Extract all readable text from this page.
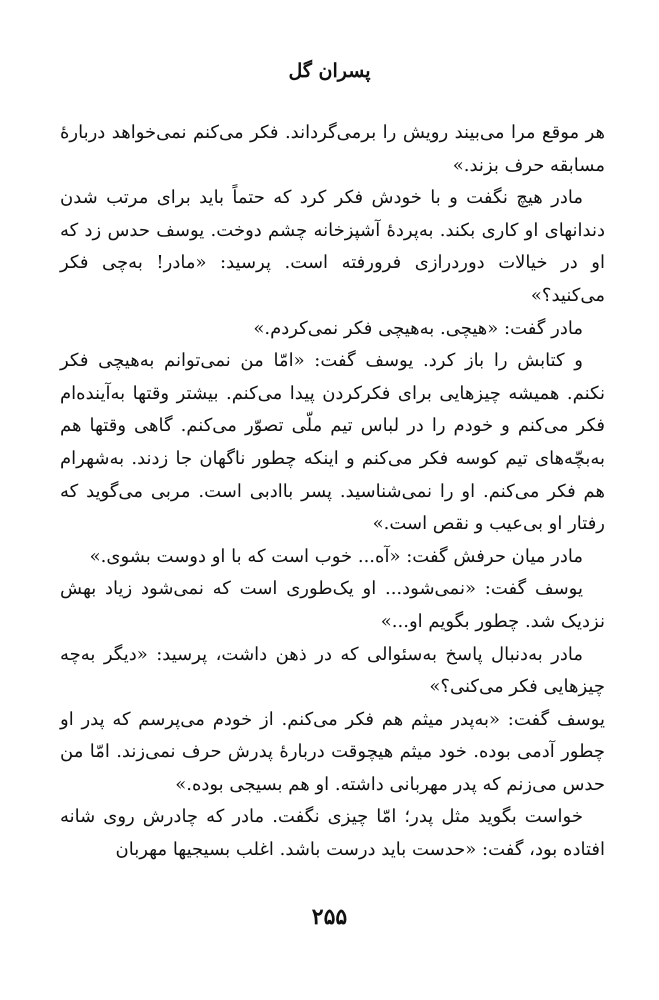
پسران گل

هر موقع مرا می‌بیند رویش را برمی‌گرداند. فکر می‌کنم نمی‌خواهد دربارهٔ مسابقه حرف بزند.»

مادر هیچ نگفت و با خودش فکر کرد که حتماً باید برای مرتب شدن دندانهای او کاری بکند. به‌پردهٔ آشپزخانه چشم دوخت. یوسف حدس زد که او در خیالات دوردرازی فرورفته است. پرسید: «مادر! به‌چی فکر می‌کنید؟»

مادر گفت: «هیچی. به‌هیچی فکر نمی‌کردم.»

و کتابش را باز کرد. یوسف گفت: «امّا من نمی‌توانم به‌هیچی فکر نکنم. همیشه چیزهایی برای فکرکردن پیدا می‌کنم. بیشتر وقتها به‌آینده‌ام فکر می‌کنم و خودم را در لباس تیم ملّی تصوّر می‌کنم. گاهی وقتها هم به‌بچّه‌های تیم کوسه فکر می‌کنم و اینکه چطور ناگهان جا زدند. به‌شهرام هم فکر می‌کنم. او را نمی‌شناسید. پسر باادبی است. مربی می‌گوید که رفتار او بی‌عیب و نقص است.»

مادر میان حرفش گفت: «آه... خوب است که با او دوست بشوی.»

یوسف گفت: «نمی‌شود... او یک‌طوری است که نمی‌شود زیاد بهش نزدیک شد. چطور بگویم او...»

مادر به‌دنبال پاسخ به‌سئوالی که در ذهن داشت، پرسید: «دیگر به‌چه چیزهایی فکر می‌کنی؟»

یوسف گفت: «به‌پدر میثم هم فکر می‌کنم. از خودم می‌پرسم که پدر او چطور آدمی بوده. خود میثم هیچوقت دربارهٔ پدرش حرف نمی‌زند. امّا من حدس می‌زنم که پدر مهربانی داشته. او هم بسیجی بوده.»

خواست بگوید مثل پدر؛ امّا چیزی نگفت. مادر که چادرش روی شانه افتاده بود، گفت: «حدست باید درست باشد. اغلب بسیجیها مهربان

۲۵۵
